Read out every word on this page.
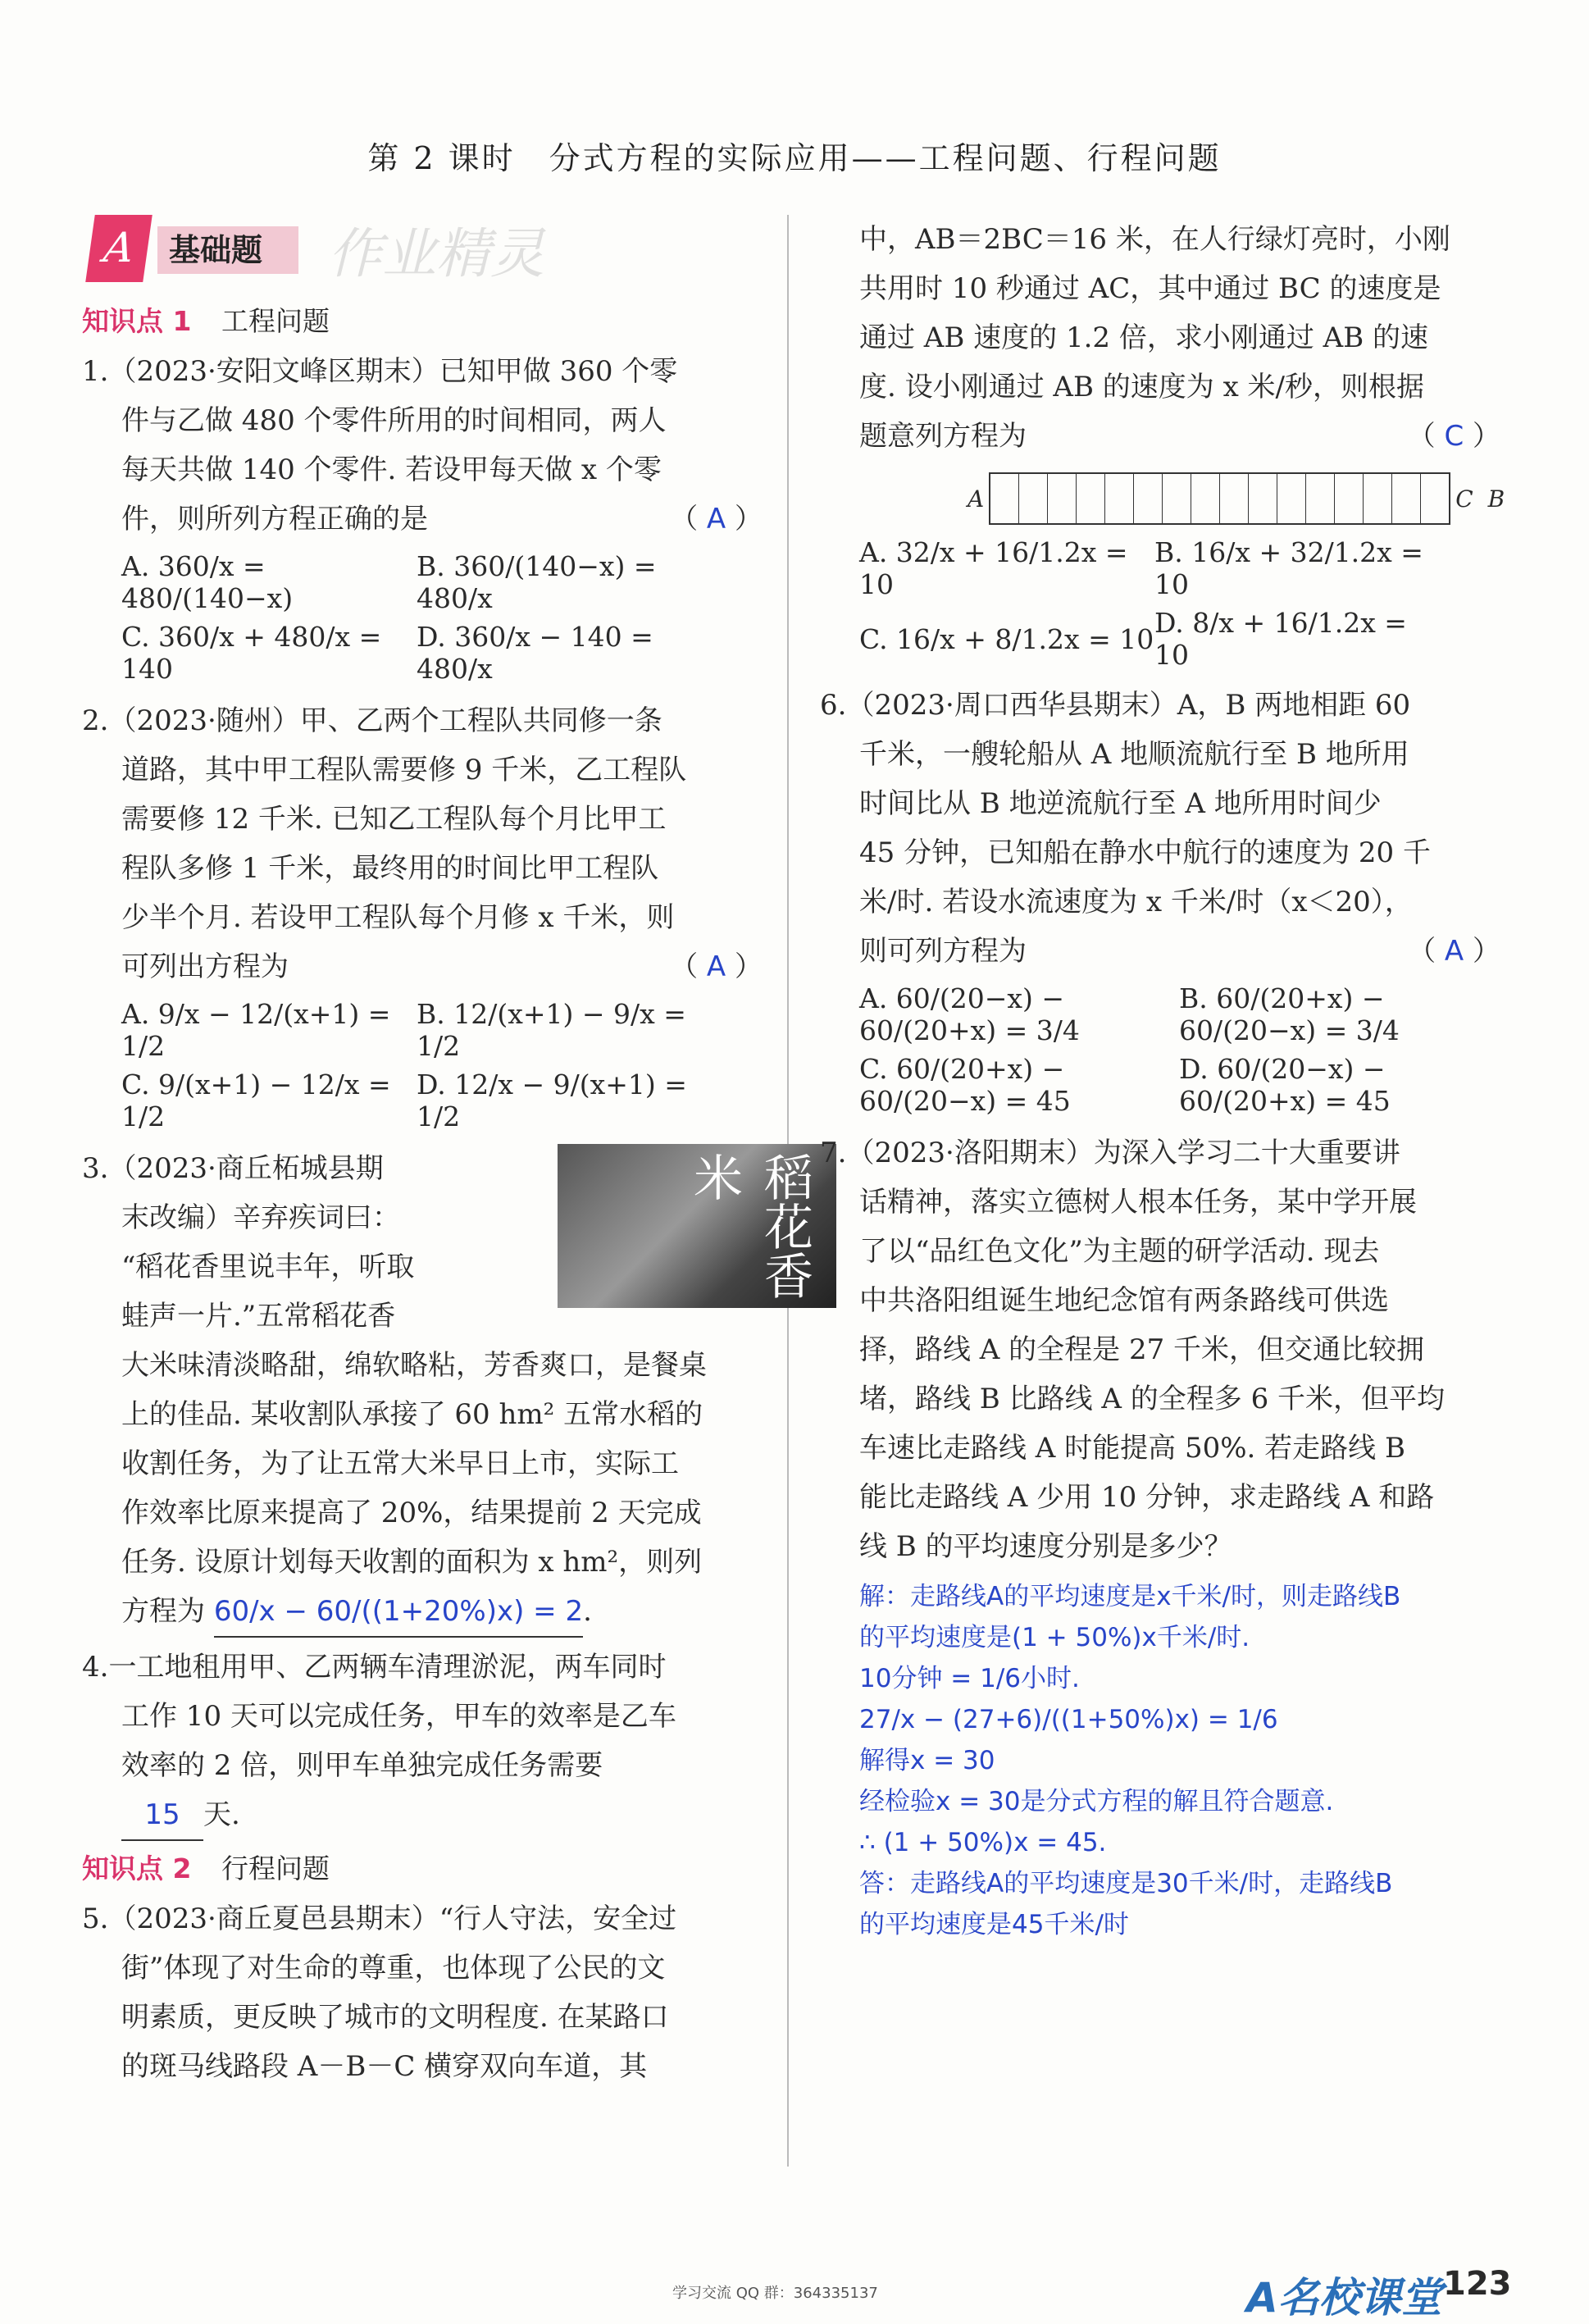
第 2 课时　分式方程的实际应用——工程问题、行程问题
A	基础题	作业精灵
知识点 1 工程问题
1.（2023·安阳文峰区期末）已知甲做 360 个零
件与乙做 480 个零件所用的时间相同，两人
每天共做 140 个零件. 若设甲每天做 x 个零
件，则所列方程正确的是	（ A ）
A. 360/x = 480/(140−x)
B. 360/(140−x) = 480/x
C. 360/x + 480/x = 140
D. 360/x − 140 = 480/x
2.（2023·随州）甲、乙两个工程队共同修一条
道路，其中甲工程队需要修 9 千米，乙工程队
需要修 12 千米. 已知乙工程队每个月比甲工
程队多修 1 千米，最终用的时间比甲工程队
少半个月. 若设甲工程队每个月修 x 千米，则
可列出方程为	（ A ）
A. 9/x − 12/(x+1) = 1/2
B. 12/(x+1) − 9/x = 1/2
C. 9/(x+1) − 12/x = 1/2
D. 12/x − 9/(x+1) = 1/2
稻花香米
3.（2023·商丘柘城县期
末改编）辛弃疾词曰：
“稻花香里说丰年，听取
蛙声一片.”五常稻花香
大米味清淡略甜，绵软略粘，芳香爽口，是餐桌
上的佳品. 某收割队承接了 60 hm² 五常水稻的
收割任务，为了让五常大米早日上市，实际工
作效率比原来提高了 20%，结果提前 2 天完成
任务. 设原计划每天收割的面积为 x hm²，则列
方程为 60/x − 60/((1+20%)x) = 2.
4.一工地租用甲、乙两辆车清理淤泥，两车同时
工作 10 天可以完成任务，甲车的效率是乙车
效率的 2 倍，则甲车单独完成任务需要
15 天.
知识点 2 行程问题
5.（2023·商丘夏邑县期末）“行人守法，安全过
街”体现了对生命的尊重，也体现了公民的文
明素质，更反映了城市的文明程度. 在某路口
的斑马线路段 A－B－C 横穿双向车道，其
中，AB＝2BC＝16 米，在人行绿灯亮时，小刚
共用时 10 秒通过 AC，其中通过 BC 的速度是
通过 AB 速度的 1.2 倍，求小刚通过 AB 的速
度. 设小刚通过 AB 的速度为 x 米/秒，则根据
题意列方程为	（ C ）
A	C B
A. 32/x + 16/1.2x = 10
B. 16/x + 32/1.2x = 10
C. 16/x + 8/1.2x = 10 D. 8/x + 16/1.2x = 10
6.（2023·周口西华县期末）A，B 两地相距 60
千米，一艘轮船从 A 地顺流航行至 B 地所用
时间比从 B 地逆流航行至 A 地所用时间少
45 分钟，已知船在静水中航行的速度为 20 千
米/时. 若设水流速度为 x 千米/时（x＜20），
则可列方程为	（ A ）
A. 60/(20−x) − 60/(20+x) = 3/4
B. 60/(20+x) − 60/(20−x) = 3/4
C. 60/(20+x) − 60/(20−x) = 45
D. 60/(20−x) − 60/(20+x) = 45
7.（2023·洛阳期末）为深入学习二十大重要讲
话精神，落实立德树人根本任务，某中学开展
了以“品红色文化”为主题的研学活动. 现去
中共洛阳组诞生地纪念馆有两条路线可供选
择，路线 A 的全程是 27 千米，但交通比较拥
堵，路线 B 比路线 A 的全程多 6 千米，但平均
车速比走路线 A 时能提高 50%. 若走路线 B
能比走路线 A 少用 10 分钟，求走路线 A 和路
线 B 的平均速度分别是多少？
解：走路线A的平均速度是x千米/时，则走路线B
的平均速度是(1 + 50%)x千米/时.
10分钟 = 1/6小时.
27/x − (27+6)/((1+50%)x) = 1/6
解得x = 30
经检验x = 30是分式方程的解且符合题意.
∴ (1 + 50%)x = 45.
答：走路线A的平均速度是30千米/时，走路线B
的平均速度是45千米/时
学习交流 QQ 群：364335137	A名校课堂 123
